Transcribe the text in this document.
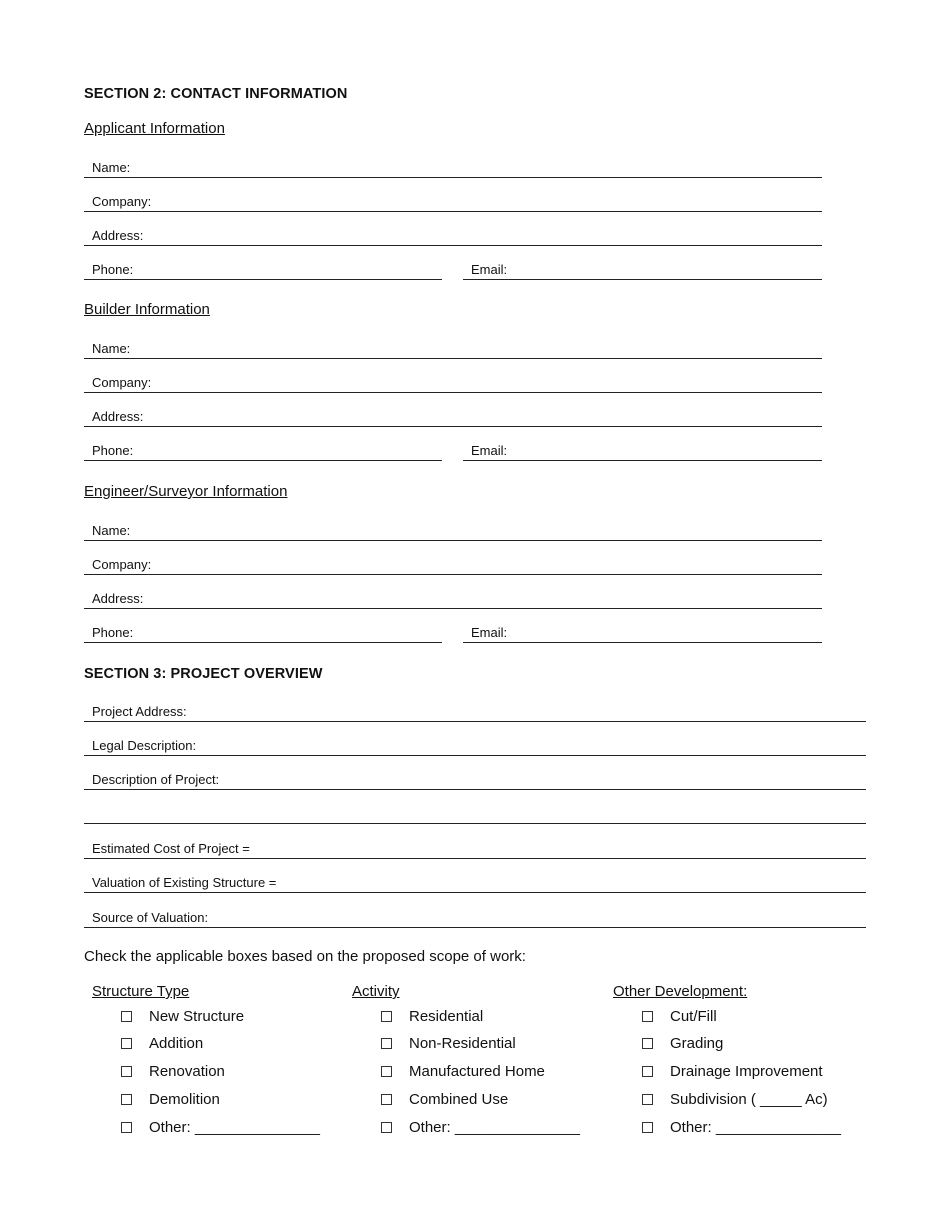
SECTION 2: CONTACT INFORMATION
Applicant Information
Name:
Company:
Address:
Phone:	Email:
Builder Information
Name:
Company:
Address:
Phone:	Email:
Engineer/Surveyor Information
Name:
Company:
Address:
Phone:	Email:
SECTION 3: PROJECT OVERVIEW
Project Address:
Legal Description:
Description of Project:
Estimated Cost of Project =
Valuation of Existing Structure =
Source of Valuation:
Check the applicable boxes based on the proposed scope of work:
Structure Type
New Structure
Addition
Renovation
Demolition
Other: _______________
Activity
Residential
Non-Residential
Manufactured Home
Combined Use
Other: _______________
Other Development:
Cut/Fill
Grading
Drainage Improvement
Subdivision ( _____ Ac)
Other: _______________
